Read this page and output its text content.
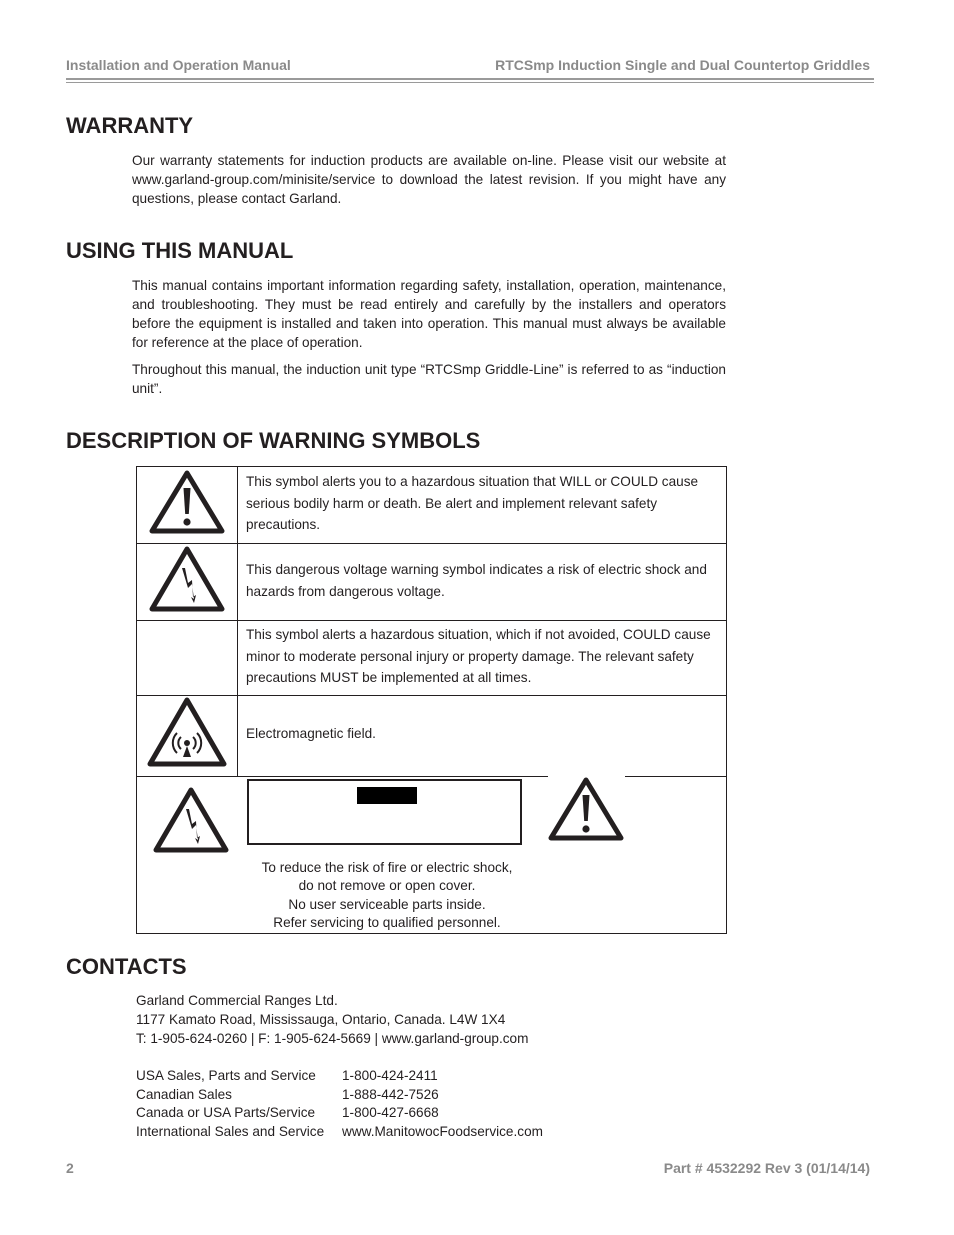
Installation and Operation Manual	RTCSmp Induction Single and Dual Countertop Griddles
WARRANTY

Our warranty statements for induction products are available on-line. Please visit our website at www.garland-group.com/minisite/service to download the latest revision. If you might have any questions, please contact Garland.

USING THIS MANUAL

This manual contains important information regarding safety, installation, operation, maintenance, and troubleshooting. They must be read entirely and carefully by the installers and operators before the equipment is installed and taken into operation. This manual must always be available for reference at the place of operation.

Throughout this manual, the induction unit type “RTCSmp Griddle-Line” is referred to as “induction unit”.

DESCRIPTION OF WARNING SYMBOLS
	This symbol alerts you to a hazardous situation that WILL or COULD cause serious bodily harm or death. Be alert and implement relevant safety precautions.
	This dangerous voltage warning symbol indicates a risk of electric shock and hazards from dangerous voltage.
	This symbol alerts a hazardous situation, which if not avoided, COULD cause minor to moderate personal injury or property damage. The relevant safety precautions MUST be implemented at all times.
	Electromagnetic field.

To reduce the risk of fire or electric shock,
do not remove or open cover.
No user serviceable parts inside.
Refer servicing to qualified personnel.	
CONTACTS
Garland Commercial Ranges Ltd.
1177 Kamato Road, Mississauga, Ontario, Canada. L4W 1X4
T: 1-905-624-0260 | F: 1-905-624-5669 | www.garland-group.com
USA Sales, Parts and Service	1-800-424-2411
Canadian Sales	1-888-442-7526
Canada or USA Parts/Service	1-800-427-6668
International Sales and Service	www.ManitowocFoodservice.com
2	Part # 4532292 Rev 3 (01/14/14)
